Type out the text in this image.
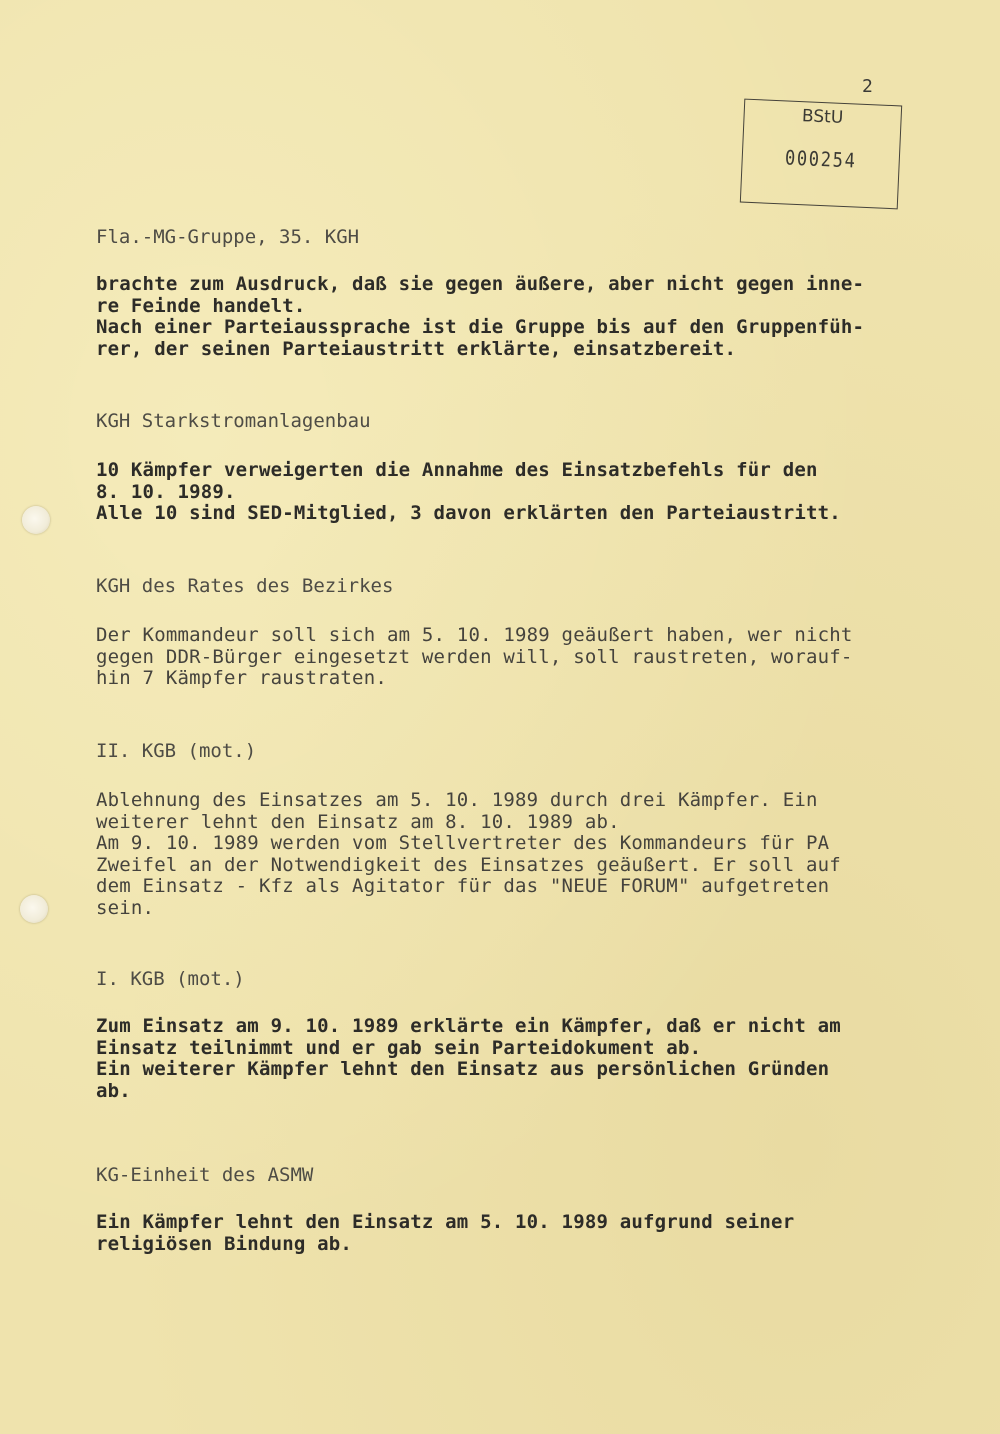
2
BStU
000254
Fla.-MG-Gruppe, 35. KGH
brachte zum Ausdruck, daß sie gegen äußere, aber nicht gegen inne-
re Feinde handelt.
Nach einer Parteiaussprache ist die Gruppe bis auf den Gruppenfüh-
rer, der seinen Parteiaustritt erklärte, einsatzbereit.
KGH Starkstromanlagenbau
10 Kämpfer verweigerten die Annahme des Einsatzbefehls für den
8. 10. 1989.
Alle 10 sind SED-Mitglied, 3 davon erklärten den Parteiaustritt.
KGH des Rates des Bezirkes
Der Kommandeur soll sich am 5. 10. 1989 geäußert haben, wer nicht
gegen DDR-Bürger eingesetzt werden will, soll raustreten, worauf-
hin 7 Kämpfer raustraten.
II. KGB (mot.)
Ablehnung des Einsatzes am 5. 10. 1989 durch drei Kämpfer. Ein
weiterer lehnt den Einsatz am 8. 10. 1989 ab.
Am 9. 10. 1989 werden vom Stellvertreter des Kommandeurs für PA
Zweifel an der Notwendigkeit des Einsatzes geäußert. Er soll auf
dem Einsatz - Kfz als Agitator für das "NEUE FORUM" aufgetreten
sein.
I. KGB (mot.)
Zum Einsatz am 9. 10. 1989 erklärte ein Kämpfer, daß er nicht am
Einsatz teilnimmt und er gab sein Parteidokument ab.
Ein weiterer Kämpfer lehnt den Einsatz aus persönlichen Gründen
ab.
KG-Einheit des ASMW
Ein Kämpfer lehnt den Einsatz am 5. 10. 1989 aufgrund seiner
religiösen Bindung ab.
